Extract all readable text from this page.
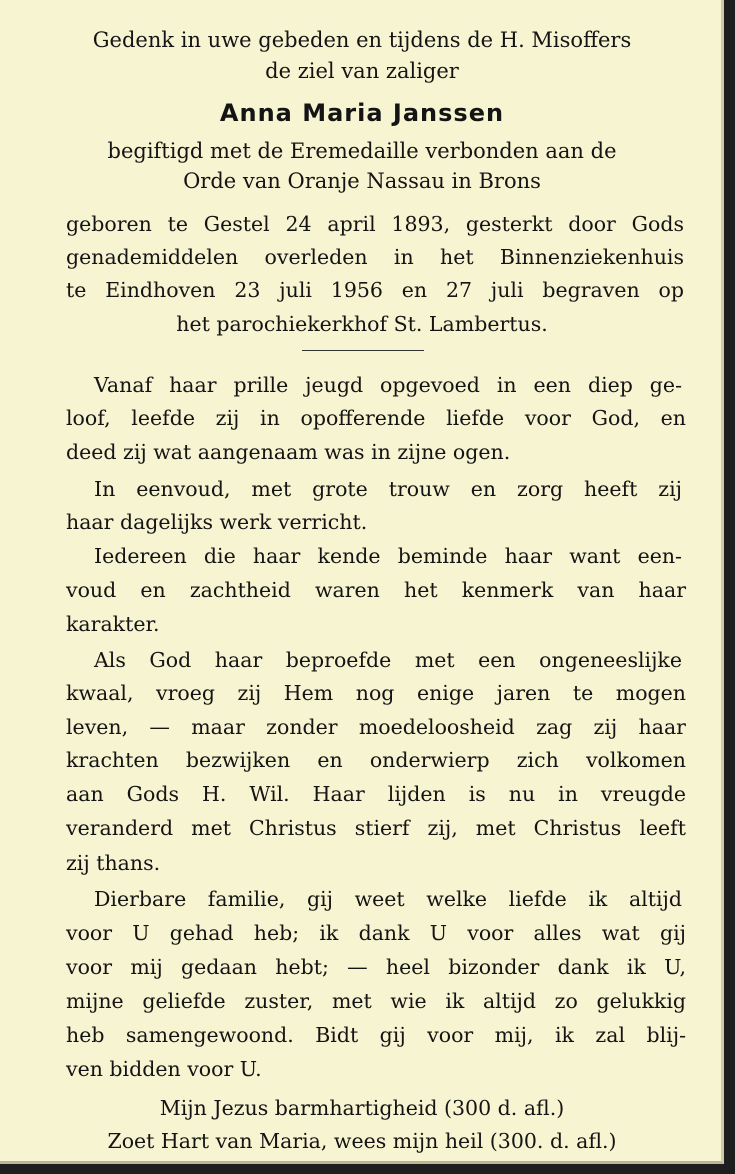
Gedenk in uwe gebeden en tijdens de H. Misoffers
de ziel van zaliger
Anna Maria Janssen
begiftigd met de Eremedaille verbonden aan de
Orde van Oranje Nassau in Brons
geboren te Gestel 24 april 1893, gesterkt door Gods
genademiddelen overleden in het Binnenziekenhuis
te Eindhoven 23 juli 1956 en 27 juli begraven op
het parochiekerkhof St. Lambertus.
Vanaf haar prille jeugd opgevoed in een diep ge-
loof, leefde zij in opofferende liefde voor God, en
deed zij wat aangenaam was in zijne ogen.
In eenvoud, met grote trouw en zorg heeft zij
haar dagelijks werk verricht.
Iedereen die haar kende beminde haar want een-
voud en zachtheid waren het kenmerk van haar
karakter.
Als God haar beproefde met een ongeneeslijke
kwaal, vroeg zij Hem nog enige jaren te mogen
leven, — maar zonder moedeloosheid zag zij haar
krachten bezwijken en onderwierp zich volkomen
aan Gods H. Wil. Haar lijden is nu in vreugde
veranderd met Christus stierf zij, met Christus leeft
zij thans.
Dierbare familie, gij weet welke liefde ik altijd
voor U gehad heb; ik dank U voor alles wat gij
voor mij gedaan hebt; — heel bizonder dank ik U,
mijne geliefde zuster, met wie ik altijd zo gelukkig
heb samengewoond. Bidt gij voor mij, ik zal blij-
ven bidden voor U.
Mijn Jezus barmhartigheid (300 d. afl.)
Zoet Hart van Maria, wees mijn heil (300. d. afl.)
